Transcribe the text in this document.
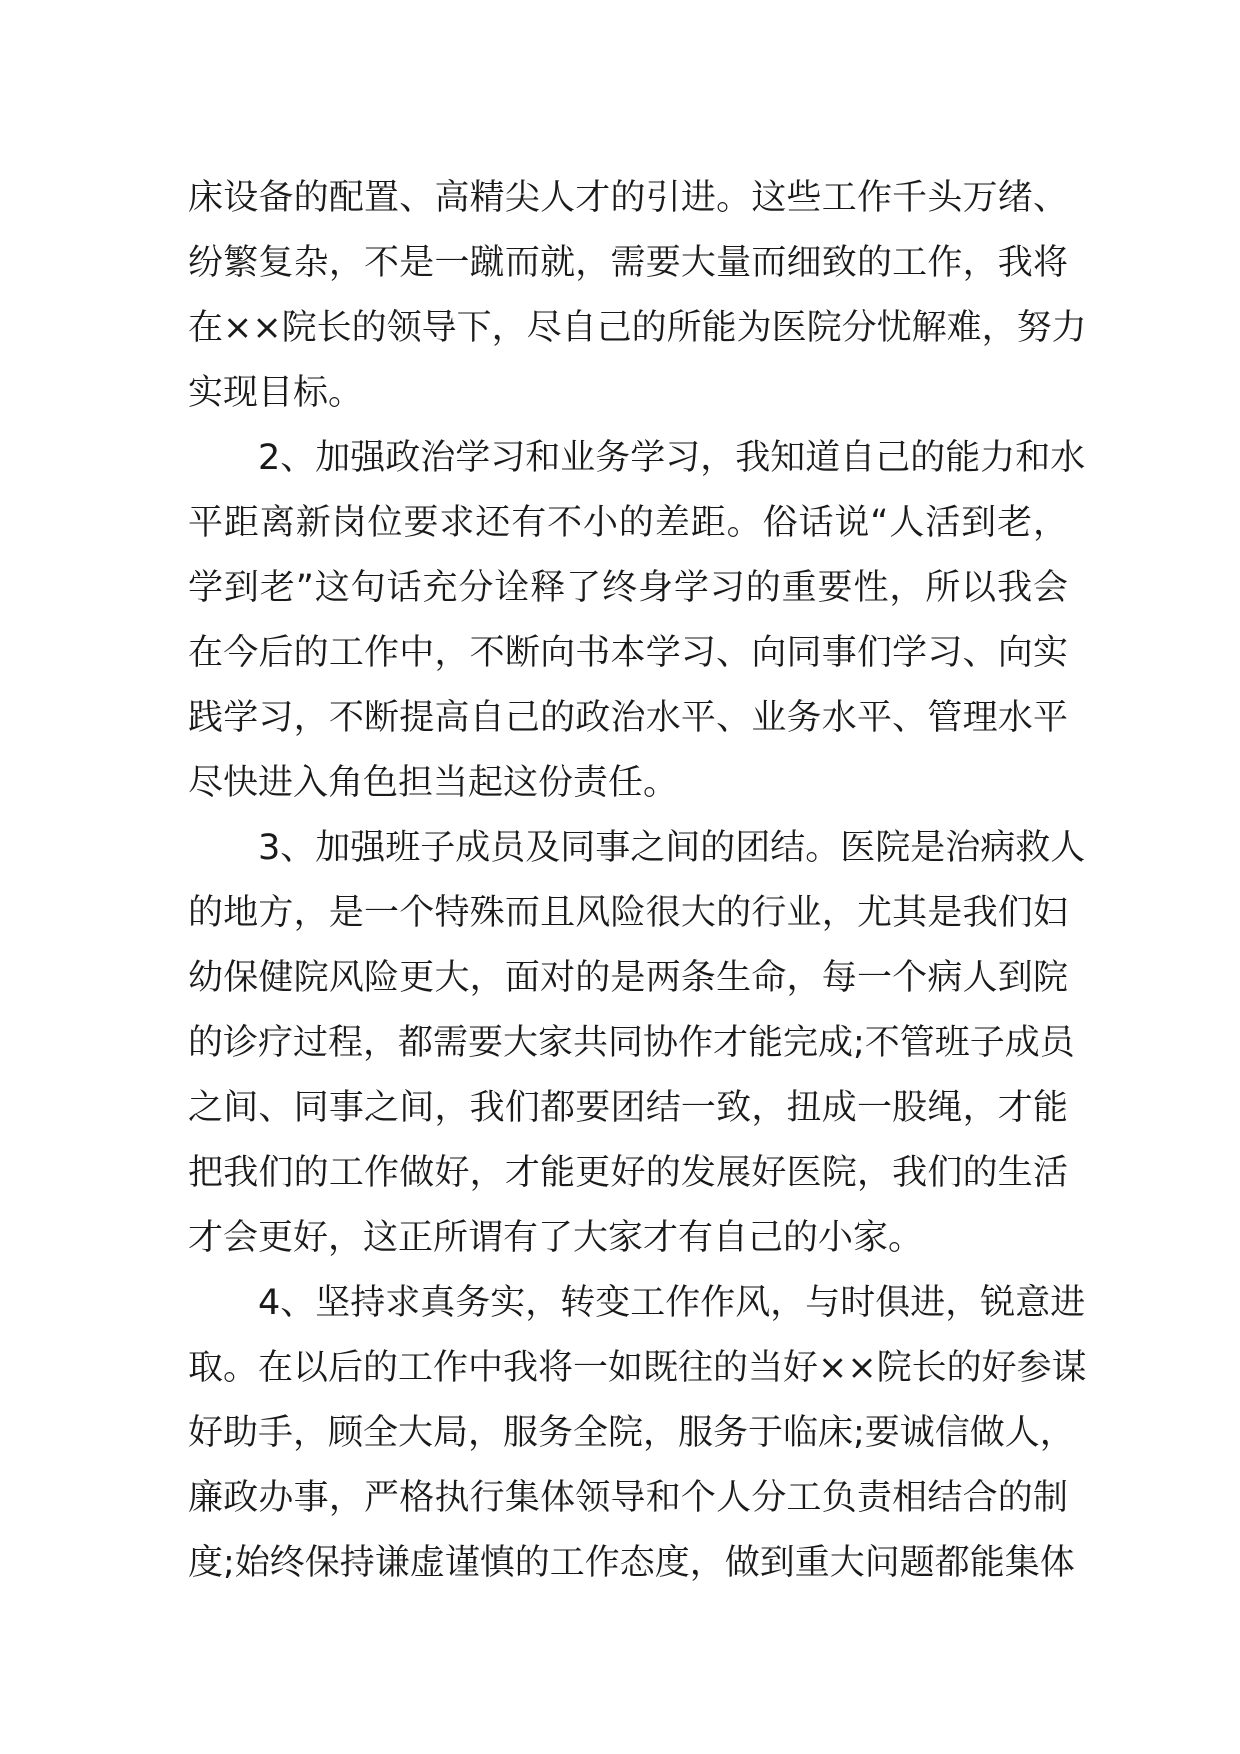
床设备的配置、高精尖人才的引进。这些工作千头万绪、
纷繁复杂，不是一蹴而就，需要大量而细致的工作，我将
在××院长的领导下，尽自己的所能为医院分忧解难，努力
实现目标。
2、加强政治学习和业务学习，我知道自己的能力和水
平距离新岗位要求还有不小的差距。俗话说“人活到老，
学到老”这句话充分诠释了终身学习的重要性，所以我会
在今后的工作中，不断向书本学习、向同事们学习、向实
践学习，不断提高自己的政治水平、业务水平、管理水平
尽快进入角色担当起这份责任。
3、加强班子成员及同事之间的团结。医院是治病救人
的地方，是一个特殊而且风险很大的行业，尤其是我们妇
幼保健院风险更大，面对的是两条生命，每一个病人到院
的诊疗过程，都需要大家共同协作才能完成;不管班子成员
之间、同事之间，我们都要团结一致，扭成一股绳，才能
把我们的工作做好，才能更好的发展好医院，我们的生活
才会更好，这正所谓有了大家才有自己的小家。
4、坚持求真务实，转变工作作风，与时俱进，锐意进
取。在以后的工作中我将一如既往的当好××院长的好参谋
好助手，顾全大局，服务全院，服务于临床;要诚信做人，
廉政办事，严格执行集体领导和个人分工负责相结合的制
度;始终保持谦虚谨慎的工作态度，做到重大问题都能集体
